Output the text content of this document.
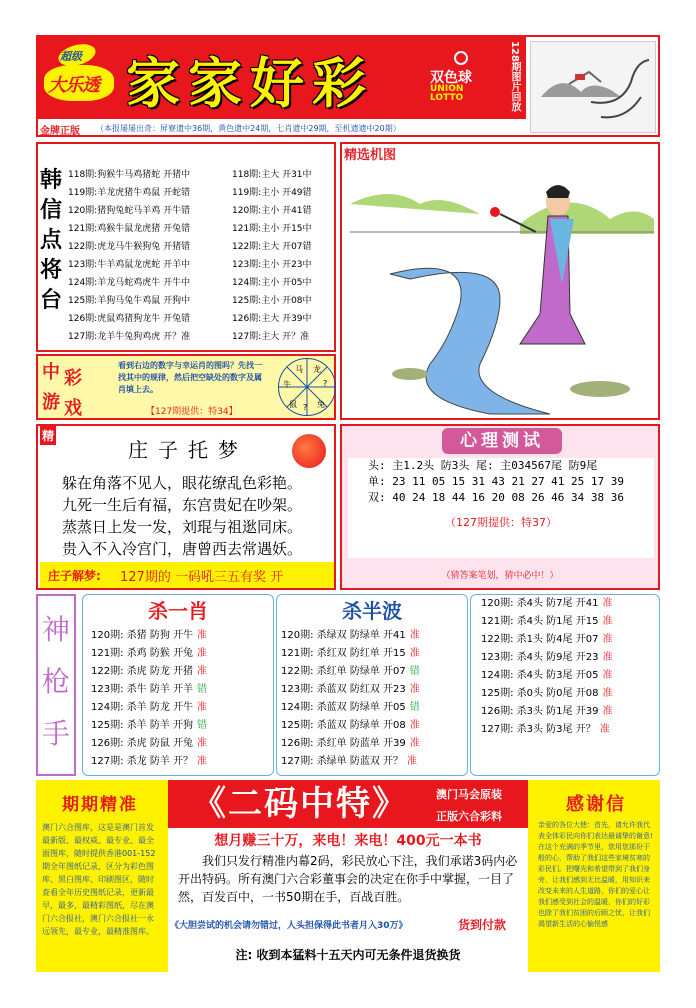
超级
大乐透 家家好彩	双色球
UNION LOTTO	128期图片回放
金牌正版 （本报屡屡出奇：屏寮遗中36期，黄色遗中24期，七肖遗中29期，至机遗遗中20期）
韩
信
点
将
台
118期:狗猴牛马鸡猪蛇 开猪中	118期:主大 开31中
119期:羊龙虎猪牛鸡鼠 开蛇错	119期:主小 开49错
120期:猪狗兔蛇马羊鸡 开牛错	120期:主小 开41错
121期:鸡猴牛鼠龙虎猪 开兔错	121期:主小 开15中
122期:虎龙马牛猴狗兔 开猪错	122期:主大 开07错
123期:牛羊鸡鼠龙虎蛇 开羊中	123期:主小 开23中
124期:羊龙马蛇鸡虎牛 开牛中	124期:主小 开05中
125期:羊狗马兔牛鸡鼠 开狗中	125期:主小 开08中
126期:虎鼠鸡猪狗龙牛 开兔错	126期:主大 开39中
127期:龙羊牛兔狗鸡虎 开？准	127期:主大 开？准
中 彩
游 戏
看到右边的数字与幸运肖的图吗？先找一找其中的规律，然后把空缺处的数字及属肖填上去。
【127期提供：特34】
马 龙
?
牛
鼠 ? 兔
精选机图
精
庄子托梦
躲在角落不见人，眼花缭乱色彩艳。
九死一生后有福，东宫贵妃在吵架。
蒸蒸日上发一发，刘琨与祖逖同床。
贵入不入冷宫门，唐曾西去常遇妖。
庄子解梦: 127期的 一码吼三五有奖 开
心理测试
头: 主1.2头 防3头 尾: 主034567尾 防9尾
单: 23 11 05 15 31 43 21 27 41 25 17 39
双: 40 24 18 44 16 20 08 26 46 34 38 36
（127期提供：特37）
（猜答案笔划，猜中必中！）
神
枪
手
杀一肖
120期: 杀猪 防狗 开牛 准
121期: 杀鸡 防猴 开兔 准
122期: 杀虎 防龙 开猪 准
123期: 杀牛 防羊 开羊 错
124期: 杀羊 防龙 开牛 准
125期: 杀羊 防羊 开狗 错
126期: 杀虎 防鼠 开兔 准
127期: 杀龙 防羊 开？ 准
杀半波
120期: 杀绿双 防绿单 开41 准
121期: 杀红双 防红单 开15 准
122期: 杀红单 防绿单 开07 错
123期: 杀蓝双 防红双 开23 准
124期: 杀蓝双 防绿单 开05 错
125期: 杀蓝双 防绿单 开08 准
126期: 杀红单 防蓝单 开39 准
127期: 杀绿单 防蓝双 开？ 准
120期: 杀4头 防7尾 开41 准
121期: 杀4头 防1尾 开15 准
122期: 杀1头 防4尾 开07 准
123期: 杀4头 防9尾 开23 准
124期: 杀4头 防3尾 开05 准
125期: 杀0头 防0尾 开08 准
126期: 杀3头 防1尾 开39 准
127期: 杀3头 防3尾 开？ 准
期期精准
澳门六合图库，这是是澳门首发最新版、最权威、最专业、最全面图库，随时提供香港001-152期全年图纸记录，区分为彩色图库、黑白图库、印刷图区，随时查看全年历史图纸记录，更新最早，最多，最精彩图纸，尽在澳门六合报社，澳门六合报社一永远领先，最专业，最精准图库。
《二码中特》	澳门马会原装
正版六合彩料
想月赚三十万，来电！来电！400元一本书
我们只发行精准内幕2码，彩民放心下注，我们承诺3码内必开出特码。所有澳门六合彩董事会的决定在你手中掌握，一目了然，百发百中，一书50期在手，百战百胜。
《大胆尝试的机会请勿错过，人头担保得此书者月入30万》	货到付款
注: 收到本猛料十五天内可无条件退货换货
感谢信
亲爱的各位大使：首先，请允许我代表全体彩民向你们表达最诚挚的谢意!在这个充满的季节里，您用您那份于般的心，帮助了我们这些家境贫寒的彩民们。把曙光和希望带到了我们身旁，让我们感到无比温暖，用知识来改变未来的人生道路，你们的爱心让我们感受到社会的温暖，你们的好彩也除了我们贫困的后顾之忧，让我们渴望新生活的心愉悦感
